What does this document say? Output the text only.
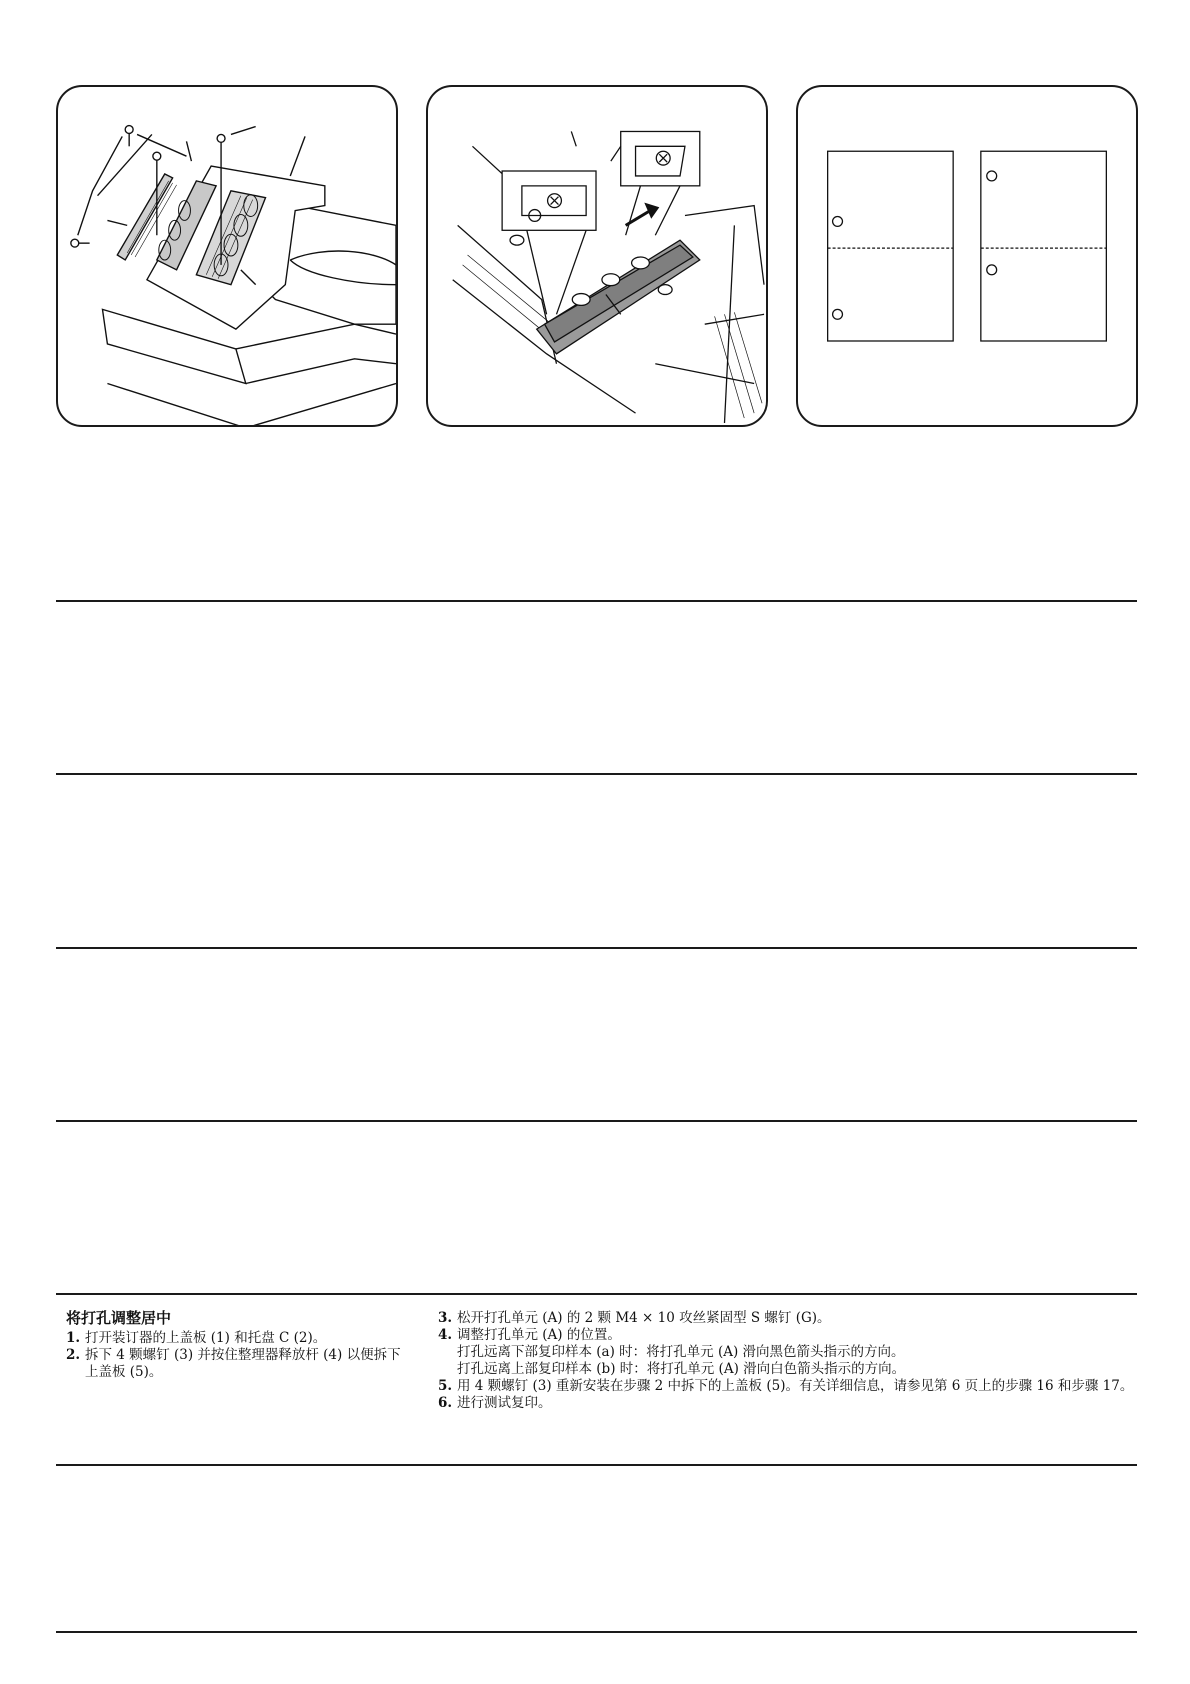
将打孔调整居中
1. 打开装订器的上盖板 (1) 和托盘 C (2)。
2. 拆下 4 颗螺钉 (3) 并按住整理器释放杆 (4) 以便拆下上盖板 (5)。
3. 松开打孔单元 (A) 的 2 颗 M4 × 10 攻丝紧固型 S 螺钉 (G)。
4. 调整打孔单元 (A) 的位置。
打孔远离下部复印样本 (a) 时：将打孔单元 (A) 滑向黑色箭头指示的方向。
打孔远离上部复印样本 (b) 时：将打孔单元 (A) 滑向白色箭头指示的方向。
5. 用 4 颗螺钉 (3) 重新安装在步骤 2 中拆下的上盖板 (5)。有关详细信息，请参见第 6 页上的步骤 16 和步骤 17。
6. 进行测试复印。
